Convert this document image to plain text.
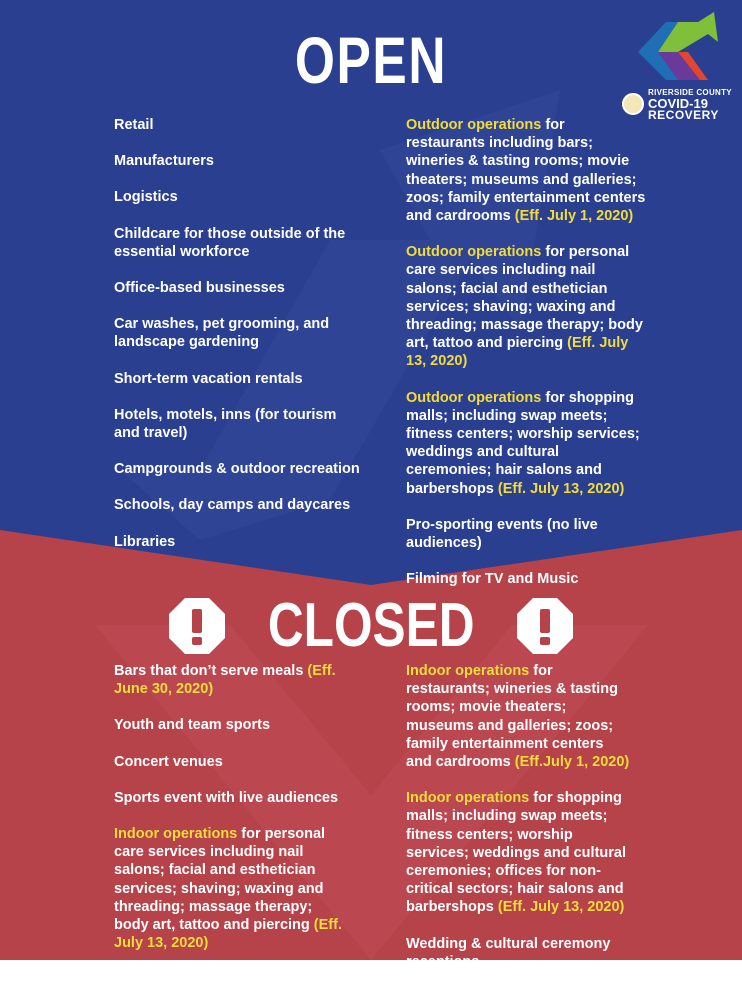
OPEN	RIVERSIDE COUNTY
COVID-19
RECOVERY

Retail

Manufacturers

Logistics

Childcare for those outside of the essential workforce

Office-based businesses

Car washes, pet grooming, and landscape gardening

Short-term vacation rentals

Hotels, motels, inns (for tourism and travel)

Campgrounds & outdoor recreation

Schools, day camps and daycares

Libraries

Outdoor operations for restaurants including bars; wineries & tasting rooms; movie theaters; museums and galleries; zoos; family entertainment centers and cardrooms (Eff. July 1, 2020)

Outdoor operations for personal care services including nail salons; facial and esthetician services; shaving; waxing and threading; massage therapy; body art, tattoo and piercing (Eff. July 13, 2020)

Outdoor operations for shopping malls; including swap meets; fitness centers; worship services; weddings and cultural ceremonies; hair salons and barbershops (Eff. July 13, 2020)

Pro-sporting events (no live audiences)

Filming for TV and Music

CLOSED

Bars that don’t serve meals (Eff. June 30, 2020)

Youth and team sports

Concert venues

Sports event with live audiences

Indoor operations for personal care services including nail salons; facial and esthetician services; shaving; waxing and threading; massage therapy; body art, tattoo and piercing (Eff. July 13, 2020)

Indoor operations for restaurants; wineries & tasting rooms; movie theaters; museums and galleries; zoos; family entertainment centers and cardrooms (Eff.July 1, 2020)

Indoor operations for shopping malls; including swap meets; fitness centers; worship services; weddings and cultural ceremonies; offices for non-critical sectors; hair salons and barbershops (Eff. July 13, 2020)

Wedding & cultural ceremony receptions
